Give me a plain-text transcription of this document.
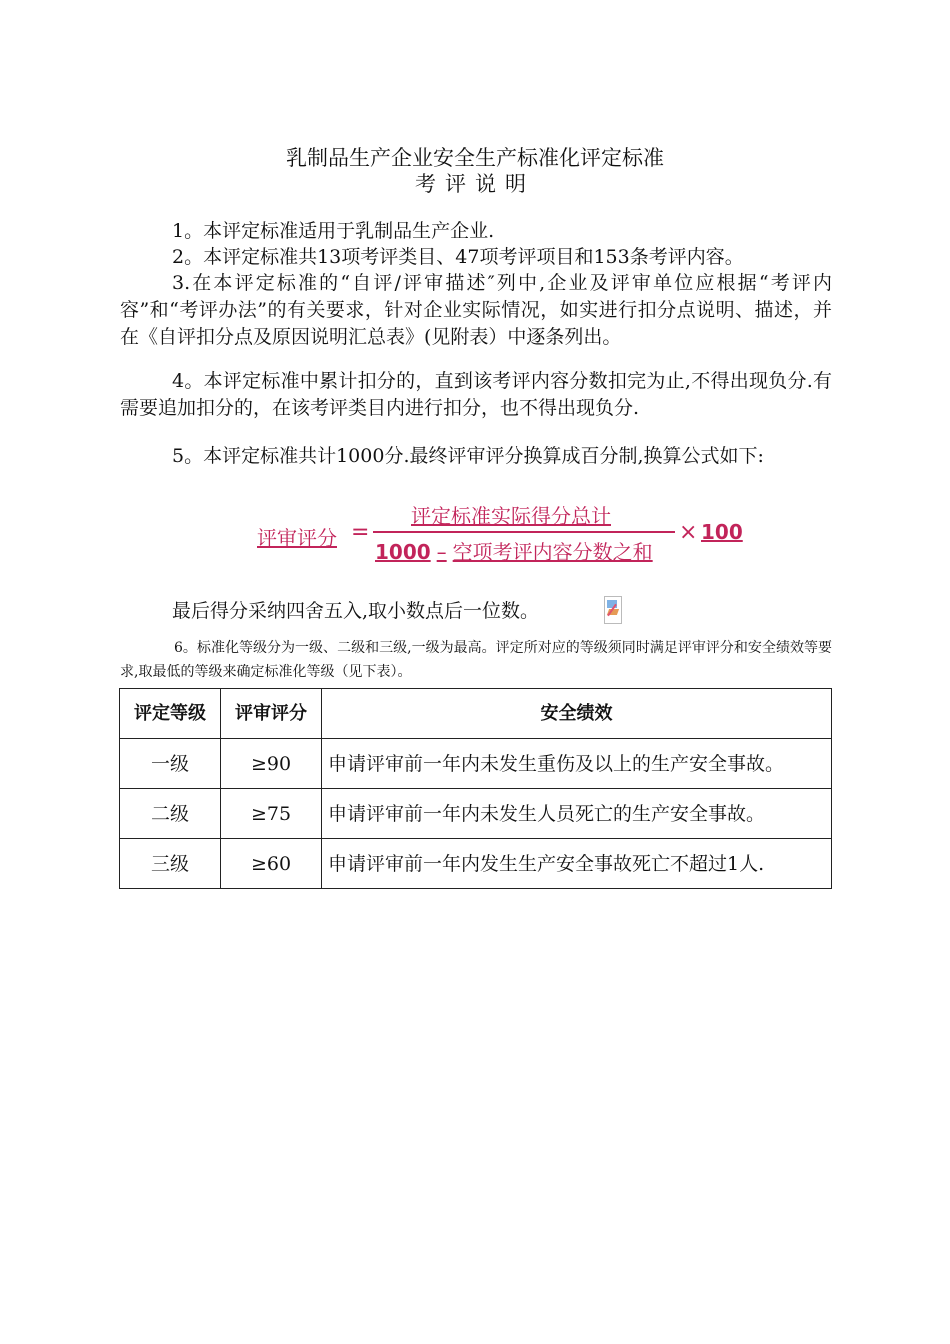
乳制品生产企业安全生产标准化评定标准
考评说明
1。本评定标准适用于乳制品生产企业.
2。本评定标准共13项考评类目、47项考评项目和153条考评内容。
3.在本评定标准的“自评/评审描述″列中,企业及评审单位应根据“考评内容”和“考评办法”的有关要求，针对企业实际情况，如实进行扣分点说明、描述，并在《自评扣分点及原因说明汇总表》(见附表）中逐条列出。
4。本评定标准中累计扣分的，直到该考评内容分数扣完为止,不得出现负分.有需要追加扣分的，在该考评类目内进行扣分，也不得出现负分.
5。本评定标准共计1000分.最终评审评分换算成百分制,换算公式如下:
评审评分 =
评定标准实际得分总计
1000 – 空项考评内容分数之和
× 100
最后得分采纳四舍五入,取小数点后一位数。
6。标准化等级分为一级、二级和三级,一级为最高。评定所对应的等级须同时满足评审评分和安全绩效等要求,取最低的等级来确定标准化等级（见下表）。
评定等级	评审评分	安全绩效
一级	≥90	申请评审前一年内未发生重伤及以上的生产安全事故。
二级	≥75	申请评审前一年内未发生人员死亡的生产安全事故。
三级	≥60	申请评审前一年内发生生产安全事故死亡不超过1人.
